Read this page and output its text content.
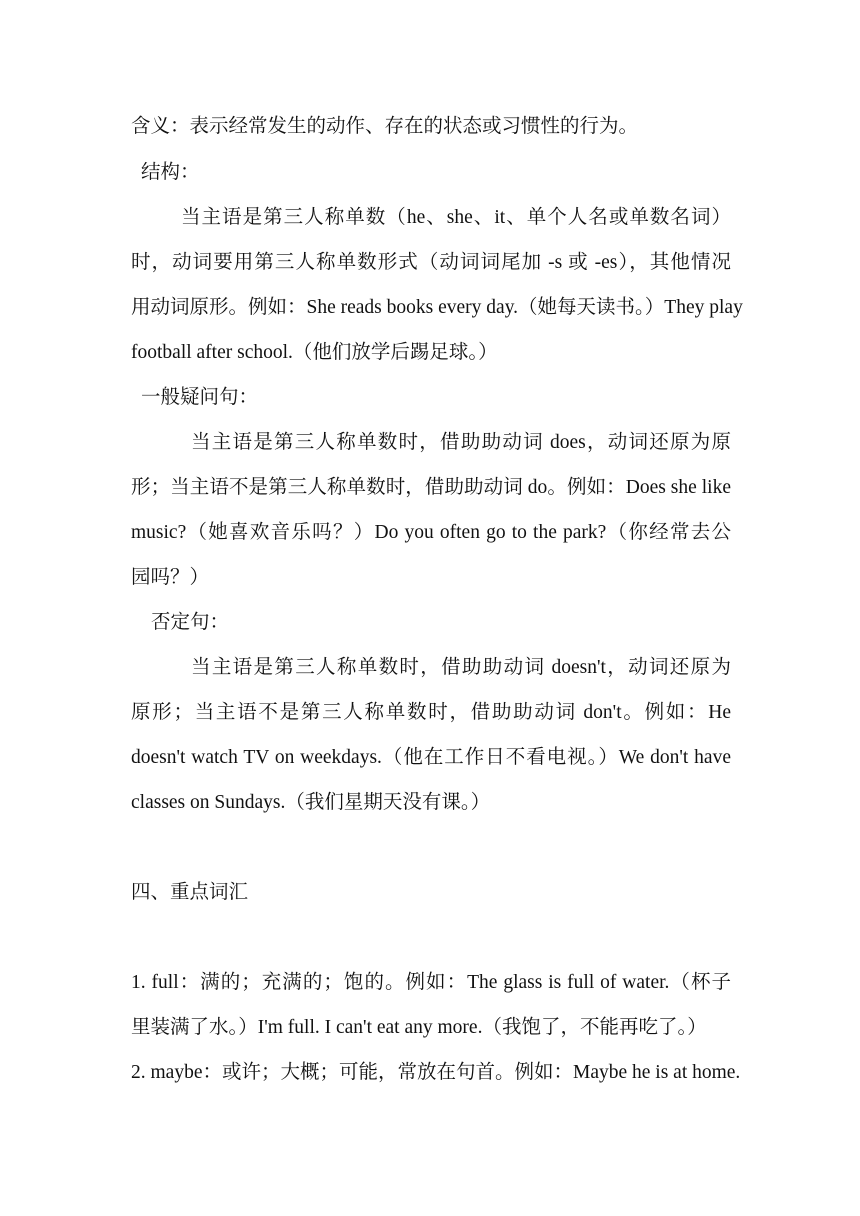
含义：表示经常发生的动作、存在的状态或习惯性的行为。
结构：
当主语是第三人称单数（he、she、it、单个人名或单数名词）
时，动词要用第三人称单数形式（动词词尾加 -s 或 -es），其他情况
用动词原形。例如：She reads books every day.（她每天读书。）They play
football after school.（他们放学后踢足球。）
一般疑问句：
当主语是第三人称单数时，借助助动词 does，动词还原为原
形；当主语不是第三人称单数时，借助助动词 do。例如：Does she like
music?（她喜欢音乐吗？）Do you often go to the park?（你经常去公
园吗？）
否定句：
当主语是第三人称单数时，借助助动词 doesn't，动词还原为
原形；当主语不是第三人称单数时，借助助动词 don't。例如：He
doesn't watch TV on weekdays.（他在工作日不看电视。）We don't have
classes on Sundays.（我们星期天没有课。）
四、重点词汇
1. full：满的；充满的；饱的。例如：The glass is full of water.（杯子
里装满了水。）I'm full. I can't eat any more.（我饱了，不能再吃了。）
2. maybe：或许；大概；可能，常放在句首。例如：Maybe he is at home.
